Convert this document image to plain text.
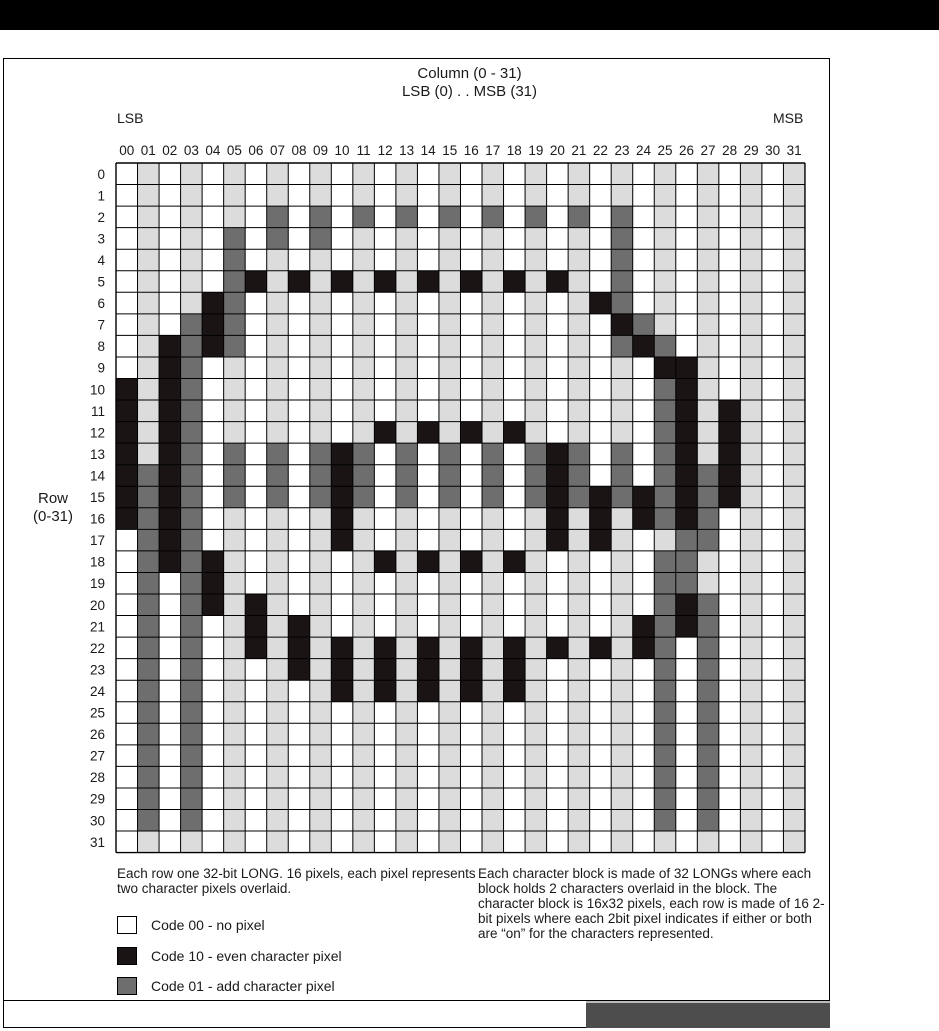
Column (0 - 31)
LSB (0) . . MSB (31)
LSB	MSB
Row
(0-31)
00 01 02 03 04 05 06 07 08 09 10 11 12 13 14 15 16 17 18 19 20 21 22 23 24 25 26 27 28 29 30 31
0
1
2
3
4
5
6
7
8
9
10
11
12
13
14
15
16
17
18
19
20
21
22
23
24
25
26
27
28
29
30
31
Each row one 32-bit LONG. 16 pixels, each pixel represents two character pixels overlaid.
Each character block is made of 32 LONGs where each block holds 2 characters overlaid in the block. The character block is 16x32 pixels, each row is made of 16 2-bit pixels where each 2bit pixel indicates if either or both are “on” for the characters represented.
Code 00 - no pixel
Code 10 - even character pixel
Code 01 - add character pixel
